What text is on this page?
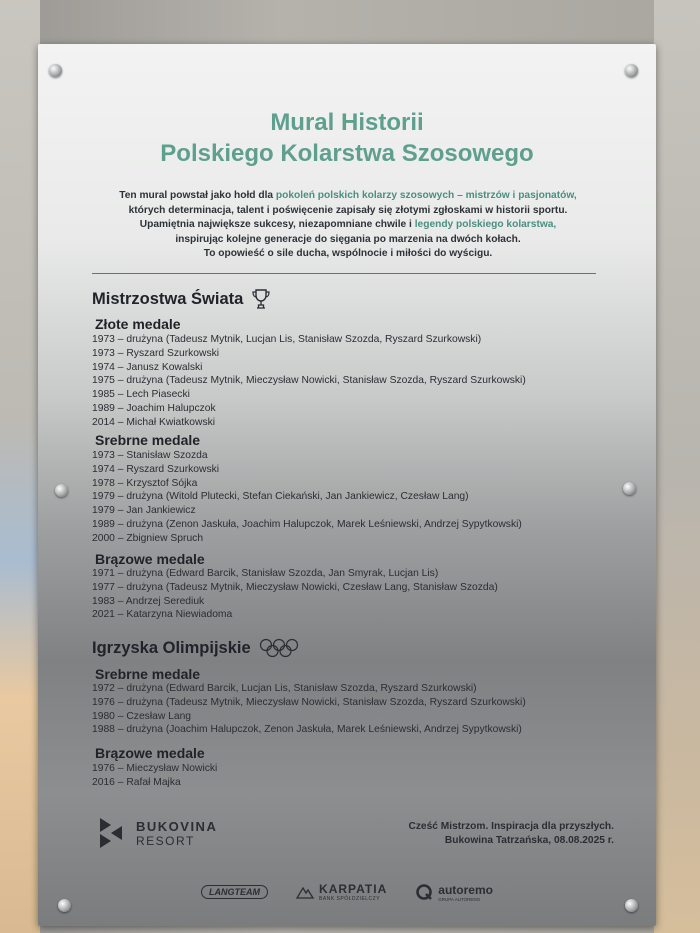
Mural Historii
Polskiego Kolarstwa Szosowego
Ten mural powstał jako hołd dla pokoleń polskich kolarzy szosowych – mistrzów i pasjonatów,
których determinacja, talent i poświęcenie zapisały się złotymi zgłoskami w historii sportu.
Upamiętnia największe sukcesy, niezapomniane chwile i legendy polskiego kolarstwa,
inspirując kolejne generacje do sięgania po marzenia na dwóch kołach.
To opowieść o sile ducha, wspólnocie i miłości do wyścigu.
Mistrzostwa Świata
Złote medale
1973 – drużyna (Tadeusz Mytnik, Lucjan Lis, Stanisław Szozda, Ryszard Szurkowski)
1973 – Ryszard Szurkowski
1974 – Janusz Kowalski
1975 – drużyna (Tadeusz Mytnik, Mieczysław Nowicki, Stanisław Szozda, Ryszard Szurkowski)
1985 – Lech Piasecki
1989 – Joachim Halupczok
2014 – Michał Kwiatkowski
Srebrne medale
1973 – Stanisław Szozda
1974 – Ryszard Szurkowski
1978 – Krzysztof Sójka
1979 – drużyna (Witold Plutecki, Stefan Ciekański, Jan Jankiewicz, Czesław Lang)
1979 – Jan Jankiewicz
1989 – drużyna (Zenon Jaskuła, Joachim Halupczok, Marek Leśniewski, Andrzej Sypytkowski)
2000 – Zbigniew Spruch
Brązowe medale
1971 – drużyna (Edward Barcik, Stanisław Szozda, Jan Smyrak, Lucjan Lis)
1977 – drużyna (Tadeusz Mytnik, Mieczysław Nowicki, Czesław Lang, Stanisław Szozda)
1983 – Andrzej Serediuk
2021 – Katarzyna Niewiadoma
Igrzyska Olimpijskie
Srebrne medale
1972 – drużyna (Edward Barcik, Lucjan Lis, Stanisław Szozda, Ryszard Szurkowski)
1976 – drużyna (Tadeusz Mytnik, Mieczysław Nowicki, Stanisław Szozda, Ryszard Szurkowski)
1980 – Czesław Lang
1988 – drużyna (Joachim Halupczok, Zenon Jaskuła, Marek Leśniewski, Andrzej Sypytkowski)
Brązowe medale
1976 – Mieczysław Nowicki
2016 – Rafał Majka
BUKOVINA
RESORT
Cześć Mistrzom. Inspiracja dla przyszłych.
Bukowina Tatrzańska, 08.08.2025 r.
LANGTEAM	KARPATIA
BANK SPÓŁDZIELCZY
autoremo
GRUPA AUTORENO
